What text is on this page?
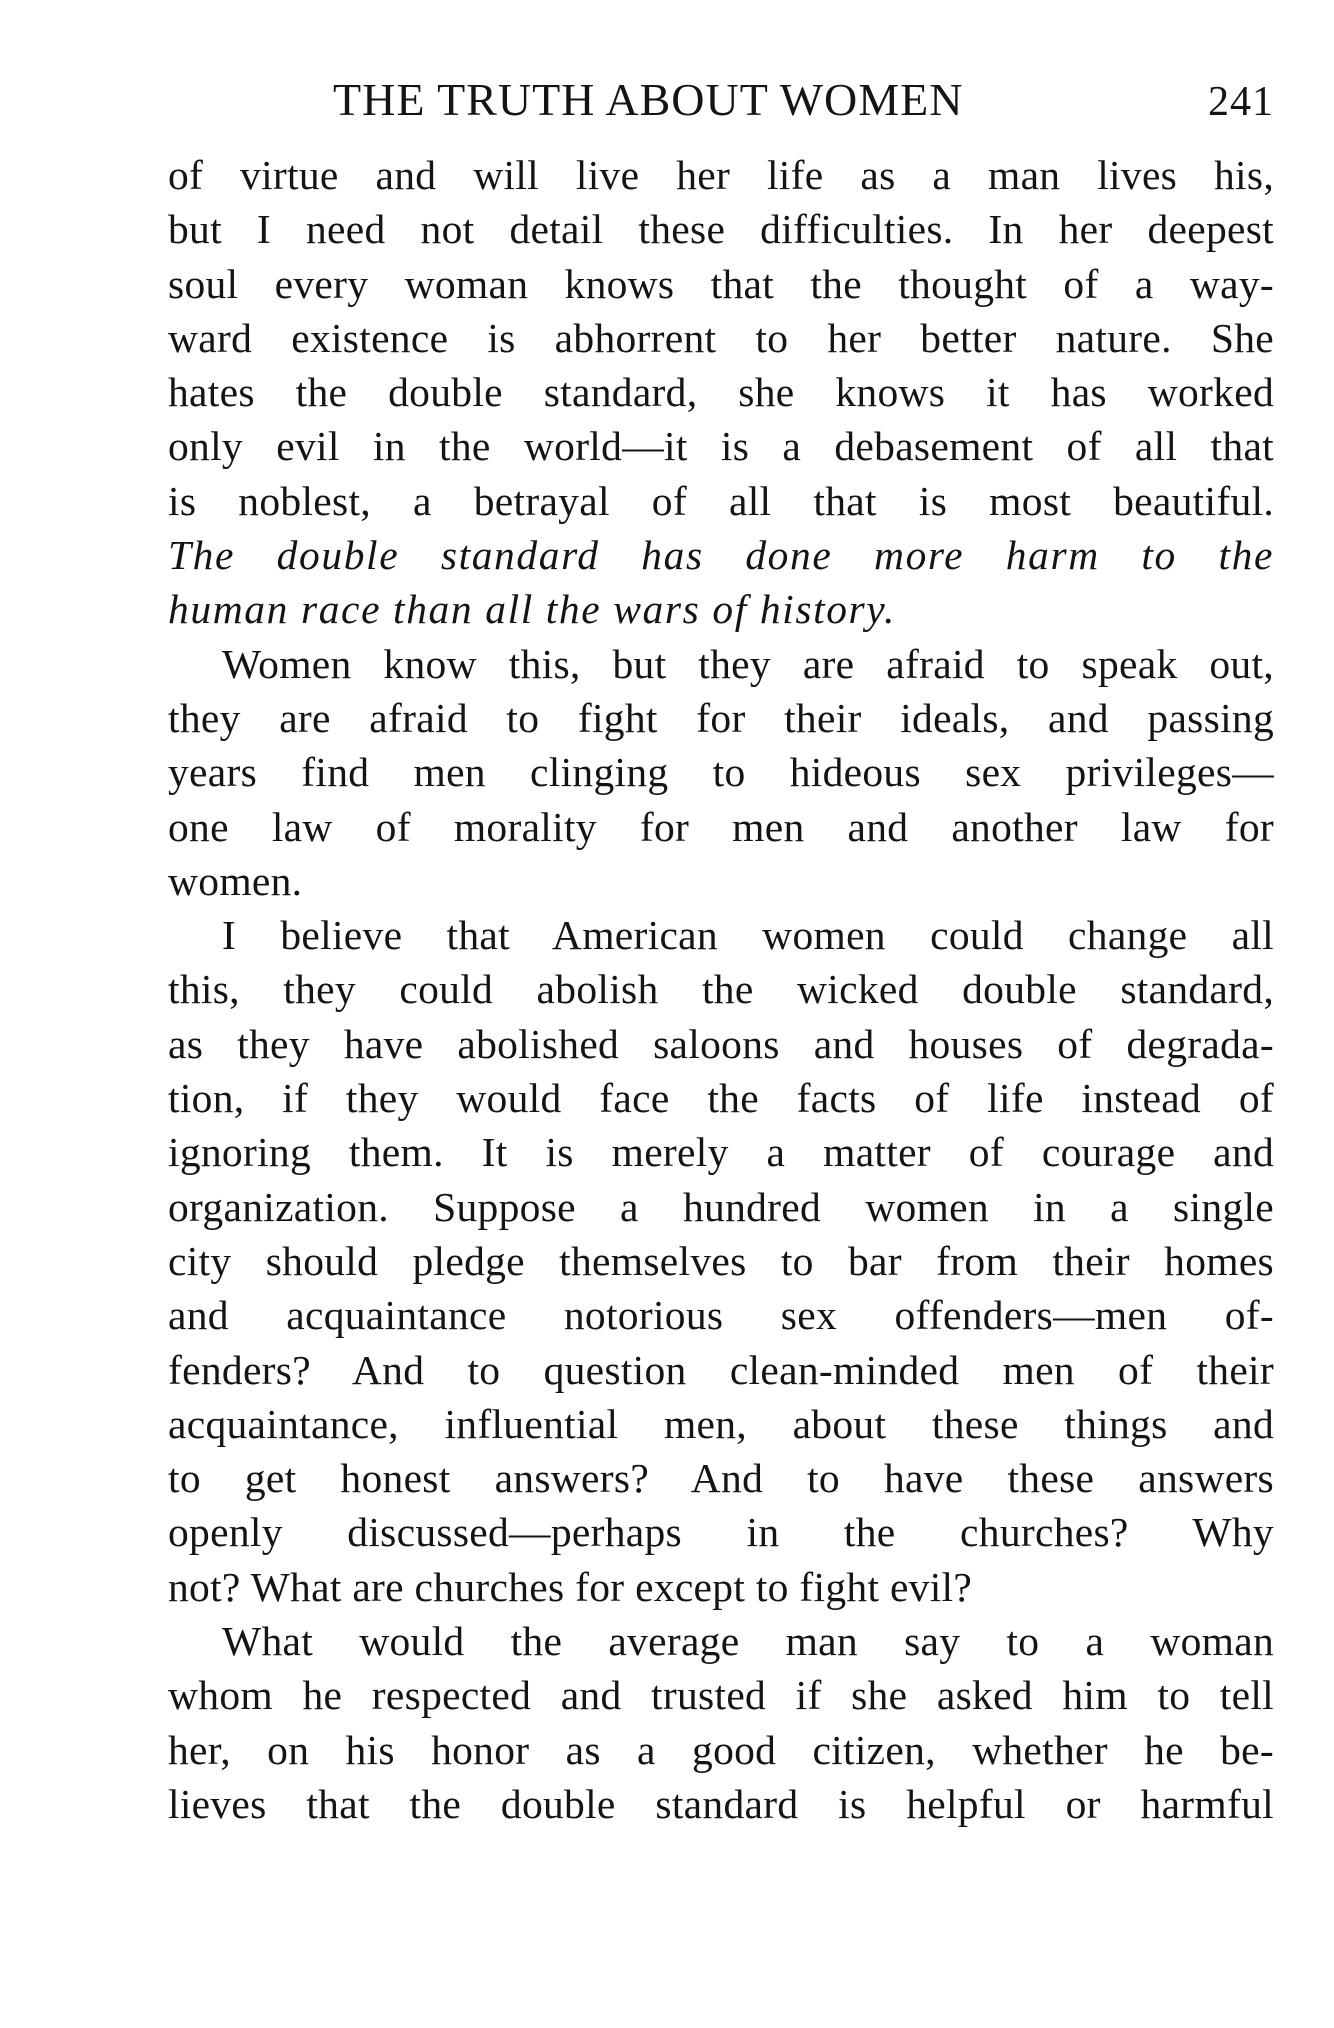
THE TRUTH ABOUT WOMEN	241
of virtue and will live her life as a man lives his,
but I need not detail these difficulties. In her deepest
soul every woman knows that the thought of a way-
ward existence is abhorrent to her better nature. She
hates the double standard, she knows it has worked
only evil in the world—it is a debasement of all that
is noblest, a betrayal of all that is most beautiful.
The double standard has done more harm to the
human race than all the wars of history.
Women know this, but they are afraid to speak out,
they are afraid to fight for their ideals, and passing
years find men clinging to hideous sex privileges—
one law of morality for men and another law for
women.
I believe that American women could change all
this, they could abolish the wicked double standard,
as they have abolished saloons and houses of degrada-
tion, if they would face the facts of life instead of
ignoring them. It is merely a matter of courage and
organization. Suppose a hundred women in a single
city should pledge themselves to bar from their homes
and acquaintance notorious sex offenders—men of-
fenders? And to question clean-minded men of their
acquaintance, influential men, about these things and
to get honest answers? And to have these answers
openly discussed—perhaps in the churches? Why
not? What are churches for except to fight evil?
What would the average man say to a woman
whom he respected and trusted if she asked him to tell
her, on his honor as a good citizen, whether he be-
lieves that the double standard is helpful or harmful
